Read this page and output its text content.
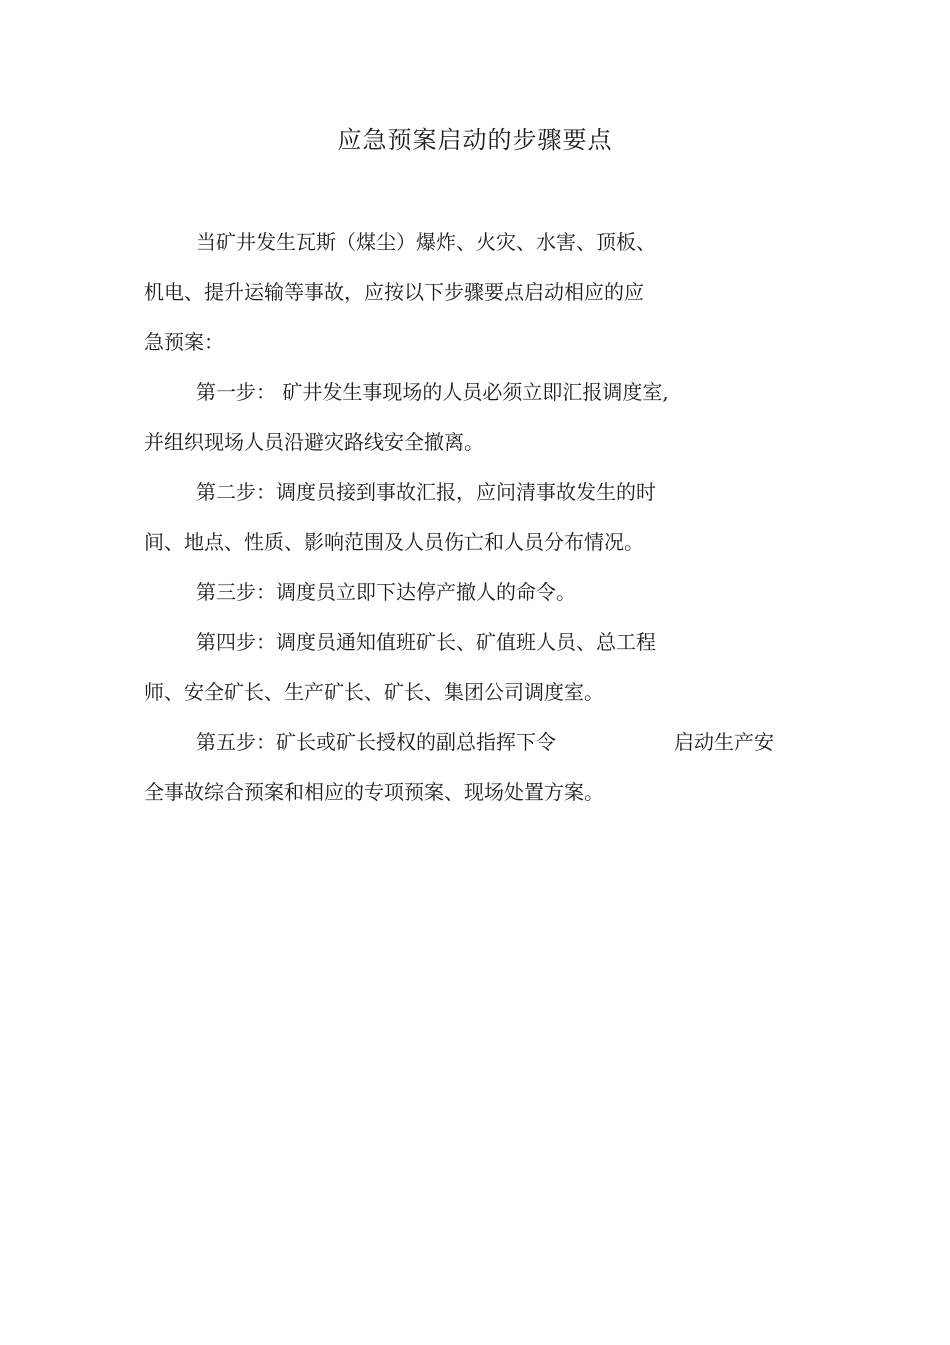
应急预案启动的步骤要点
当矿井发生瓦斯（煤尘）爆炸、火灾、水害、顶板、
机电、提升运输等事故，应按以下步骤要点启动相应的应
急预案：
第一步： 矿井发生事现场的人员必须立即汇报调度室,
并组织现场人员沿避灾路线安全撤离。
第二步：调度员接到事故汇报，应问清事故发生的时
间、地点、性质、影响范围及人员伤亡和人员分布情况。
第三步：调度员立即下达停产撤人的命令。
第四步：调度员通知值班矿长、矿值班人员、总工程
师、安全矿长、生产矿长、矿长、集团公司调度室。
第五步：矿长或矿长授权的副总指挥下令	启动生产安
全事故综合预案和相应的专项预案、现场处置方案。
